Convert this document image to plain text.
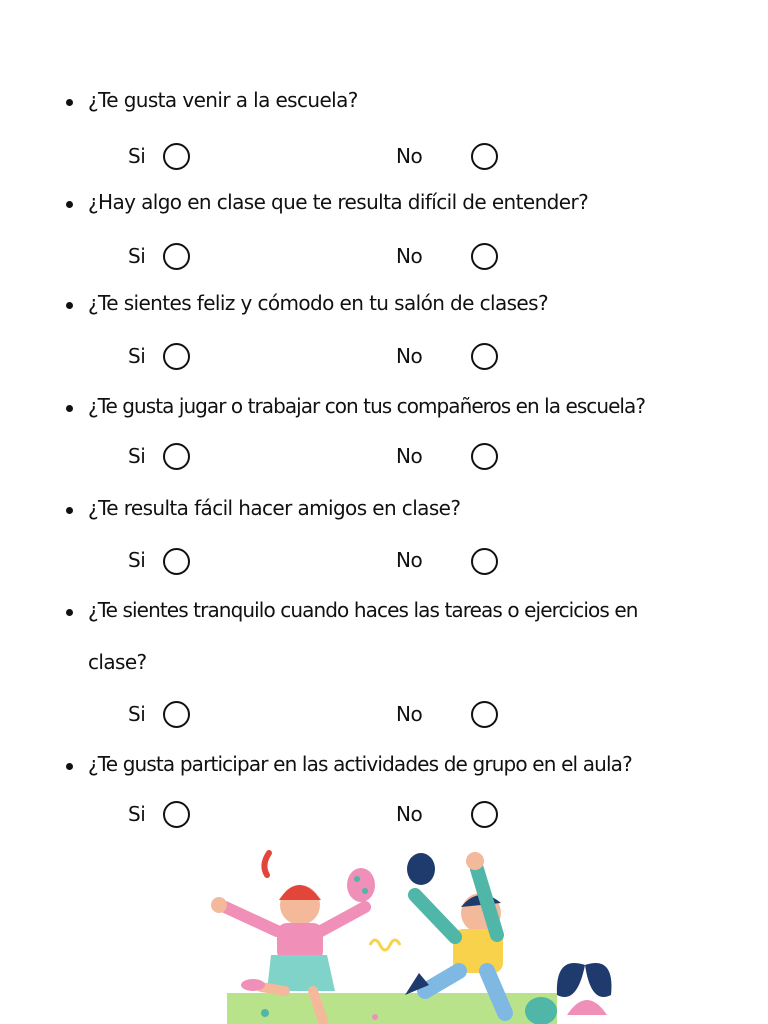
¿Te gusta venir a la escuela?

Si	No

¿Hay algo en clase que te resulta difícil de entender?

Si	No

¿Te sientes feliz y cómodo en tu salón de clases?

Si	No

¿Te gusta jugar o trabajar con tus compañeros en la escuela?

Si	No

¿Te resulta fácil hacer amigos en clase?

Si	No

¿Te sientes tranquilo cuando haces las tareas o ejercicios en

clase?

Si	No

¿Te gusta participar en las actividades de grupo en el aula?

Si	No
